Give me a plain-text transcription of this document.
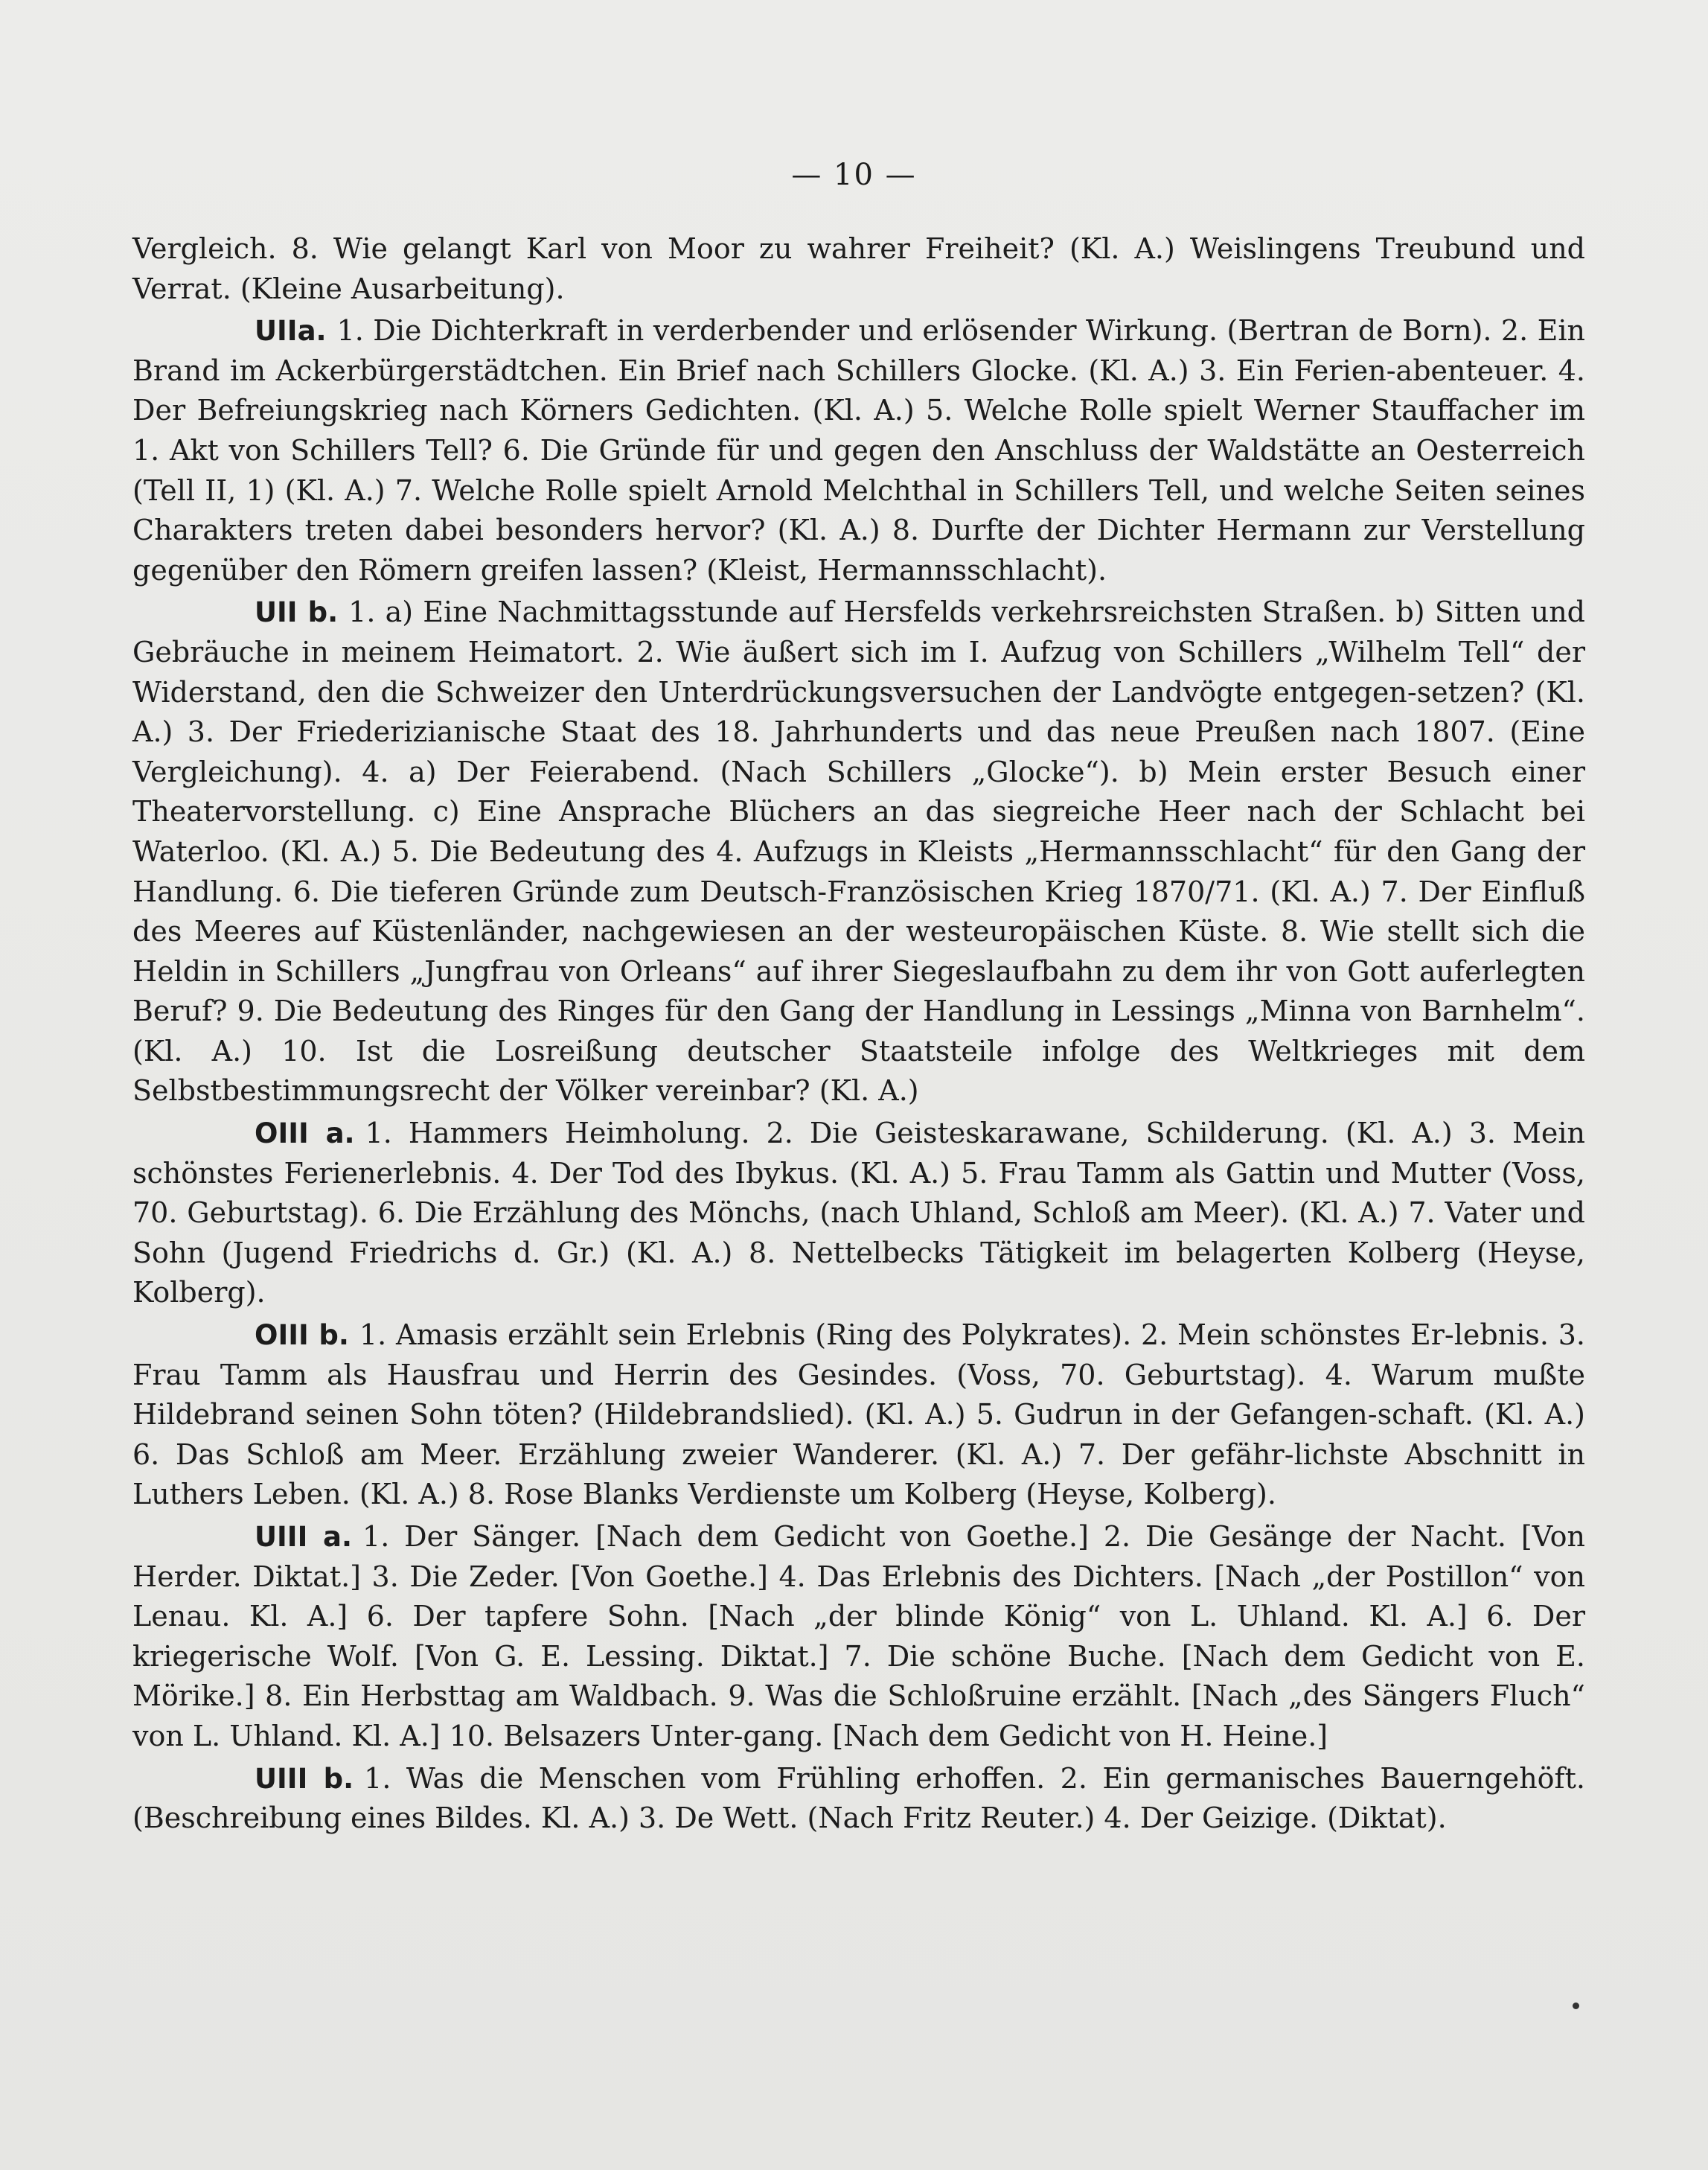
— 10 —

Vergleich. 8. Wie gelangt Karl von Moor zu wahrer Freiheit? (Kl. A.) Weislingens Treubund und Verrat. (Kleine Ausarbeitung).

UIIa. 1. Die Dichterkraft in verderbender und erlösender Wirkung. (Bertran de Born). 2. Ein Brand im Ackerbürgerstädtchen. Ein Brief nach Schillers Glocke. (Kl. A.) 3. Ein Ferien-abenteuer. 4. Der Befreiungskrieg nach Körners Gedichten. (Kl. A.) 5. Welche Rolle spielt Werner Stauffacher im 1. Akt von Schillers Tell? 6. Die Gründe für und gegen den Anschluss der Waldstätte an Oesterreich (Tell II, 1) (Kl. A.) 7. Welche Rolle spielt Arnold Melchthal in Schillers Tell, und welche Seiten seines Charakters treten dabei besonders hervor? (Kl. A.) 8. Durfte der Dichter Hermann zur Verstellung gegenüber den Römern greifen lassen? (Kleist, Hermannsschlacht).

UII b. 1. a) Eine Nachmittagsstunde auf Hersfelds verkehrsreichsten Straßen. b) Sitten und Gebräuche in meinem Heimatort. 2. Wie äußert sich im I. Aufzug von Schillers „Wilhelm Tell“ der Widerstand, den die Schweizer den Unterdrückungsversuchen der Landvögte entgegen-setzen? (Kl. A.) 3. Der Friederizianische Staat des 18. Jahrhunderts und das neue Preußen nach 1807. (Eine Vergleichung). 4. a) Der Feierabend. (Nach Schillers „Glocke“). b) Mein erster Besuch einer Theatervorstellung. c) Eine Ansprache Blüchers an das siegreiche Heer nach der Schlacht bei Waterloo. (Kl. A.) 5. Die Bedeutung des 4. Aufzugs in Kleists „Hermannsschlacht“ für den Gang der Handlung. 6. Die tieferen Gründe zum Deutsch-Französischen Krieg 1870/71. (Kl. A.) 7. Der Einfluß des Meeres auf Küstenländer, nachgewiesen an der westeuropäischen Küste. 8. Wie stellt sich die Heldin in Schillers „Jungfrau von Orleans“ auf ihrer Siegeslaufbahn zu dem ihr von Gott auferlegten Beruf? 9. Die Bedeutung des Ringes für den Gang der Handlung in Lessings „Minna von Barnhelm“. (Kl. A.) 10. Ist die Losreißung deutscher Staatsteile infolge des Weltkrieges mit dem Selbstbestimmungsrecht der Völker vereinbar? (Kl. A.)

OIII a. 1. Hammers Heimholung. 2. Die Geisteskarawane, Schilderung. (Kl. A.) 3. Mein schönstes Ferienerlebnis. 4. Der Tod des Ibykus. (Kl. A.) 5. Frau Tamm als Gattin und Mutter (Voss, 70. Geburtstag). 6. Die Erzählung des Mönchs, (nach Uhland, Schloß am Meer). (Kl. A.) 7. Vater und Sohn (Jugend Friedrichs d. Gr.) (Kl. A.) 8. Nettelbecks Tätigkeit im belagerten Kolberg (Heyse, Kolberg).

OIII b. 1. Amasis erzählt sein Erlebnis (Ring des Polykrates). 2. Mein schönstes Er-lebnis. 3. Frau Tamm als Hausfrau und Herrin des Gesindes. (Voss, 70. Geburtstag). 4. Warum mußte Hildebrand seinen Sohn töten? (Hildebrandslied). (Kl. A.) 5. Gudrun in der Gefangen-schaft. (Kl. A.) 6. Das Schloß am Meer. Erzählung zweier Wanderer. (Kl. A.) 7. Der gefähr-lichste Abschnitt in Luthers Leben. (Kl. A.) 8. Rose Blanks Verdienste um Kolberg (Heyse, Kolberg).

UIII a. 1. Der Sänger. [Nach dem Gedicht von Goethe.] 2. Die Gesänge der Nacht. [Von Herder. Diktat.] 3. Die Zeder. [Von Goethe.] 4. Das Erlebnis des Dichters. [Nach „der Postillon“ von Lenau. Kl. A.] 6. Der tapfere Sohn. [Nach „der blinde König“ von L. Uhland. Kl. A.] 6. Der kriegerische Wolf. [Von G. E. Lessing. Diktat.] 7. Die schöne Buche. [Nach dem Gedicht von E. Mörike.] 8. Ein Herbsttag am Waldbach. 9. Was die Schloßruine erzählt. [Nach „des Sängers Fluch“ von L. Uhland. Kl. A.] 10. Belsazers Unter-gang. [Nach dem Gedicht von H. Heine.]

UIII b. 1. Was die Menschen vom Frühling erhoffen. 2. Ein germanisches Bauerngehöft. (Beschreibung eines Bildes. Kl. A.) 3. De Wett. (Nach Fritz Reuter.) 4. Der Geizige. (Diktat).
